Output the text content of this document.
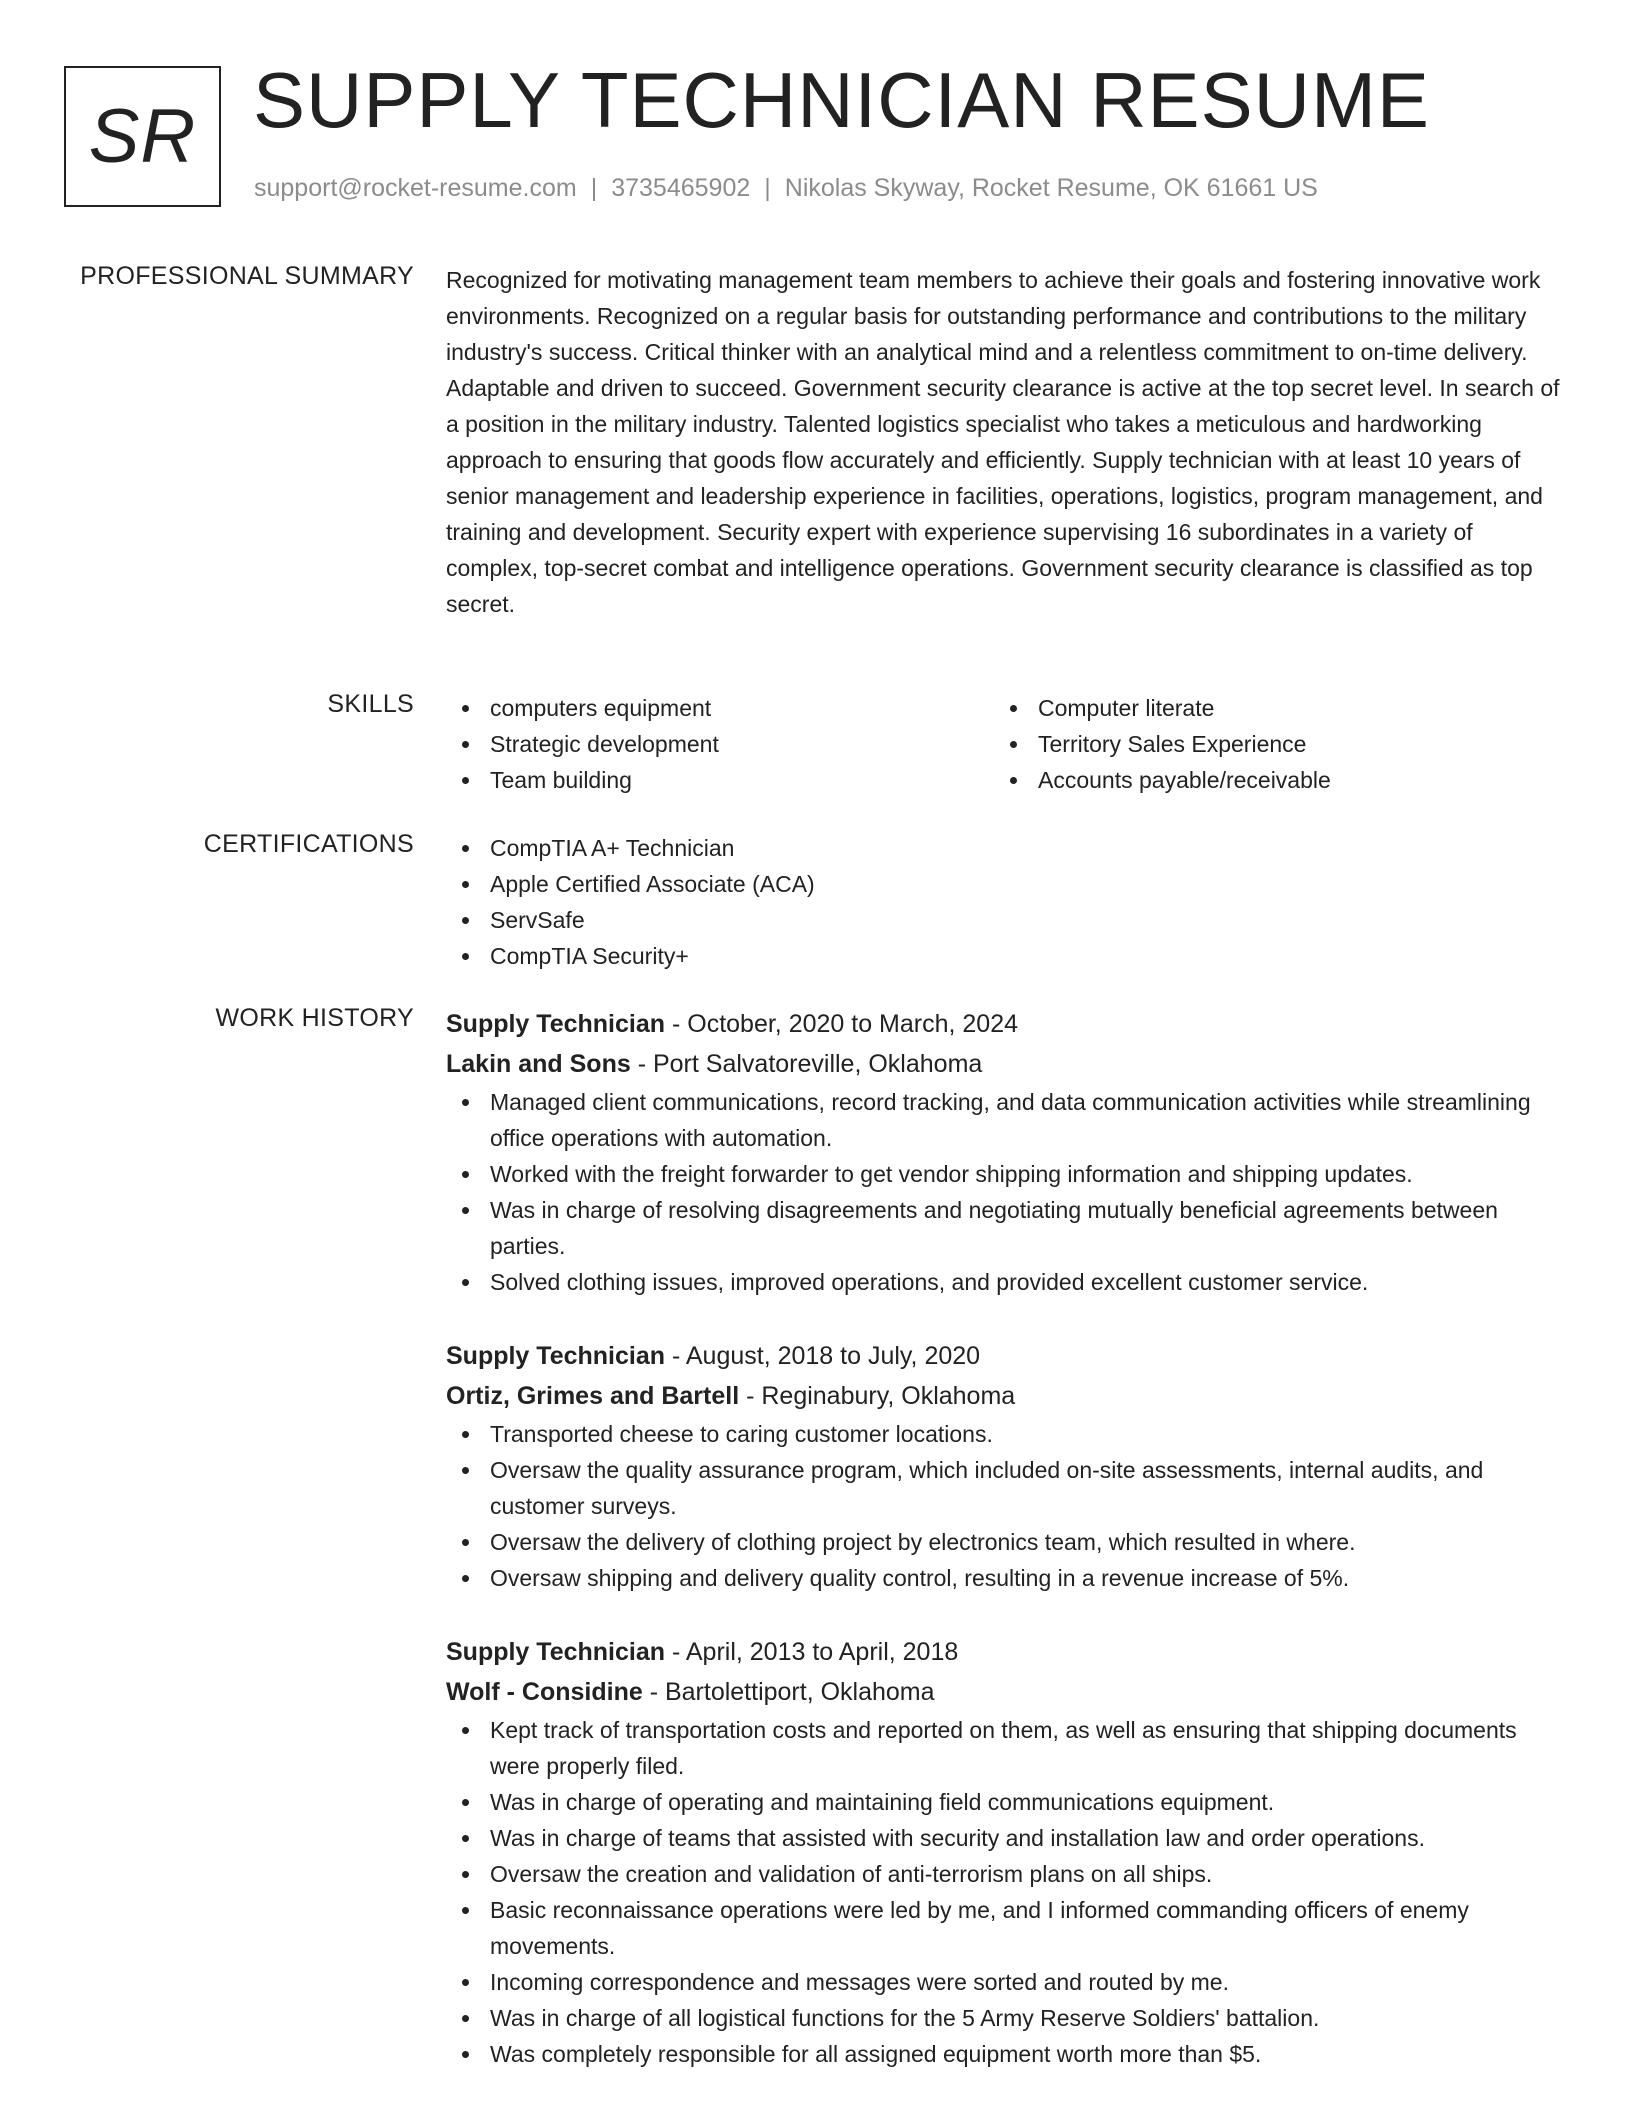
SR SUPPLY TECHNICIAN RESUME
support@rocket-resume.com | 3735465902 | Nikolas Skyway, Rocket Resume, OK 61661 US
PROFESSIONAL SUMMARY Recognized for motivating management team members to achieve their goals and fostering innovative work environments. Recognized on a regular basis for outstanding performance and contributions to the military industry's success. Critical thinker with an analytical mind and a relentless commitment to on-time delivery. Adaptable and driven to succeed. Government security clearance is active at the top secret level. In search of a position in the military industry. Talented logistics specialist who takes a meticulous and hardworking approach to ensuring that goods flow accurately and efficiently. Supply technician with at least 10 years of senior management and leadership experience in facilities, operations, logistics, program management, and training and development. Security expert with experience supervising 16 subordinates in a variety of complex, top-secret combat and intelligence operations. Government security clearance is classified as top secret.

SKILLS	computers equipment
Strategic development
Team building
Computer literate
Territory Sales Experience
Accounts payable/receivable
CERTIFICATIONS	CompTIA A+ Technician
Apple Certified Associate (ACA)
ServSafe
CompTIA Security+
WORK HISTORY Supply Technician - October, 2020 to March, 2024
Lakin and Sons - Port Salvatoreville, Oklahoma
Managed client communications, record tracking, and data communication activities while streamlining office operations with automation.
Worked with the freight forwarder to get vendor shipping information and shipping updates.
Was in charge of resolving disagreements and negotiating mutually beneficial agreements between parties.
Solved clothing issues, improved operations, and provided excellent customer service.
Supply Technician - August, 2018 to July, 2020
Ortiz, Grimes and Bartell - Reginabury, Oklahoma
Transported cheese to caring customer locations.
Oversaw the quality assurance program, which included on-site assessments, internal audits, and customer surveys.
Oversaw the delivery of clothing project by electronics team, which resulted in where.
Oversaw shipping and delivery quality control, resulting in a revenue increase of 5%.
Supply Technician - April, 2013 to April, 2018
Wolf - Considine - Bartolettiport, Oklahoma
Kept track of transportation costs and reported on them, as well as ensuring that shipping documents were properly filed.
Was in charge of operating and maintaining field communications equipment.
Was in charge of teams that assisted with security and installation law and order operations.
Oversaw the creation and validation of anti-terrorism plans on all ships.
Basic reconnaissance operations were led by me, and I informed commanding officers of enemy movements.
Incoming correspondence and messages were sorted and routed by me.
Was in charge of all logistical functions for the 5 Army Reserve Soldiers' battalion.
Was completely responsible for all assigned equipment worth more than $5.
